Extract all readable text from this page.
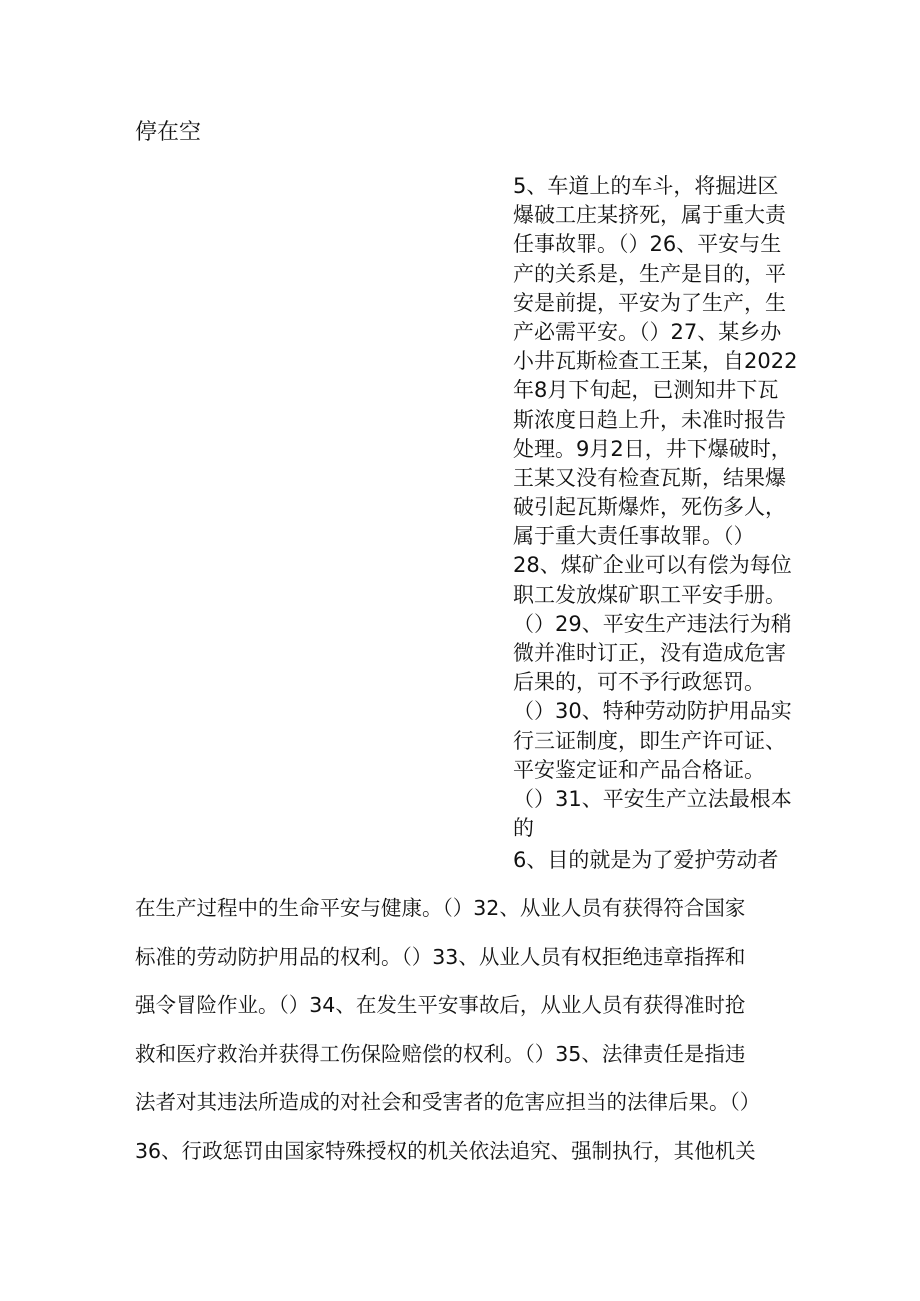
停在空

5、车道上的车斗，将掘进区
爆破工庄某挤死，属于重大责
任事故罪。（）26、平安与生
产的关系是，生产是目的，平
安是前提，平安为了生产，生
产必需平安。（）27、某乡办
小井瓦斯检查工王某，自2022
年8月下旬起，已测知井下瓦
斯浓度日趋上升，未准时报告
处理。9月2日，井下爆破时，
王某又没有检查瓦斯，结果爆
破引起瓦斯爆炸，死伤多人，
属于重大责任事故罪。（）
28、煤矿企业可以有偿为每位
职工发放煤矿职工平安手册。
（）29、平安生产违法行为稍
微并准时订正，没有造成危害
后果的，可不予行政惩罚。
（）30、特种劳动防护用品实
行三证制度，即生产许可证、
平安鉴定证和产品合格证。
（）31、平安生产立法最根本
的

6、目的就是为了爱护劳动者

在生产过程中的生命平安与健康。（）32、从业人员有获得符合国家
标准的劳动防护用品的权利。（）33、从业人员有权拒绝违章指挥和
强令冒险作业。（）34、在发生平安事故后，从业人员有获得准时抢
救和医疗救治并获得工伤保险赔偿的权利。（）35、法律责任是指违
法者对其违法所造成的对社会和受害者的危害应担当的法律后果。（）
36、行政惩罚由国家特殊授权的机关依法追究、强制执行，其他机关
